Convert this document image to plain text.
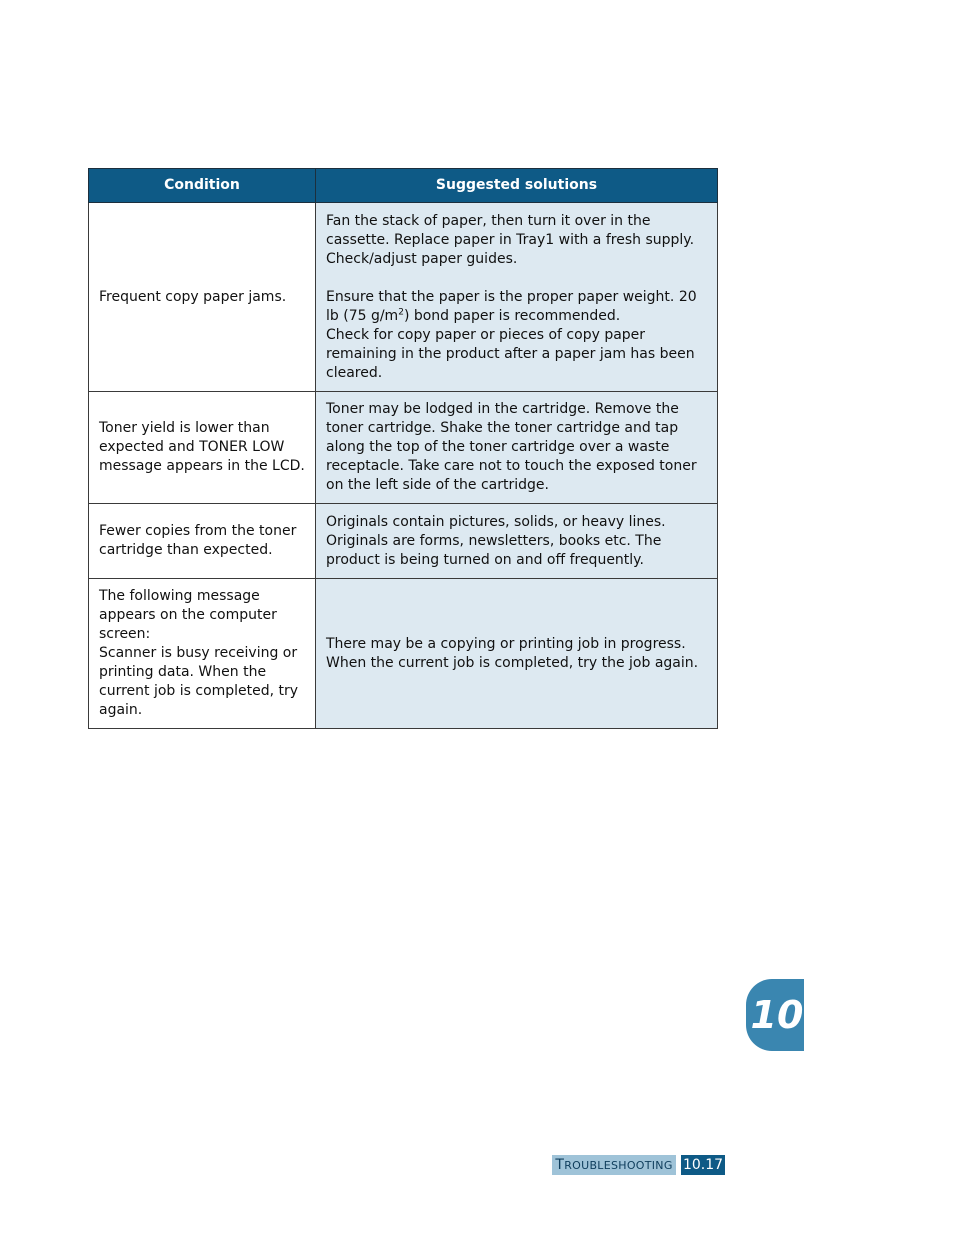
Condition	Suggested solutions
Frequent copy paper jams.	Fan the stack of paper, then turn it over in the cassette. Replace paper in Tray1 with a fresh supply. Check/adjust paper guides.
Ensure that the paper is the proper paper weight. 20 lb (75 $g/m^2$) bond paper is recommended.
Check for copy paper or pieces of copy paper remaining in the product after a paper jam has been cleared.

Toner yield is lower than expected and TONER LOW message appears in the LCD.	Toner may be lodged in the cartridge. Remove the toner cartridge. Shake the toner cartridge and tap along the top of the toner cartridge over a waste receptacle. Take care not to touch the exposed toner on the left side of the cartridge.
Fewer copies from the toner cartridge than expected.	Originals contain pictures, solids, or heavy lines. Originals are forms, newsletters, books etc. The product is being turned on and off frequently.

The following message appears on the computer screen:
Scanner is busy receiving or printing data. When the current job is completed, try again.	There may be a copying or printing job in progress. When the current job is completed, try the job again.
10
TROUBLESHOOTING 10.17
